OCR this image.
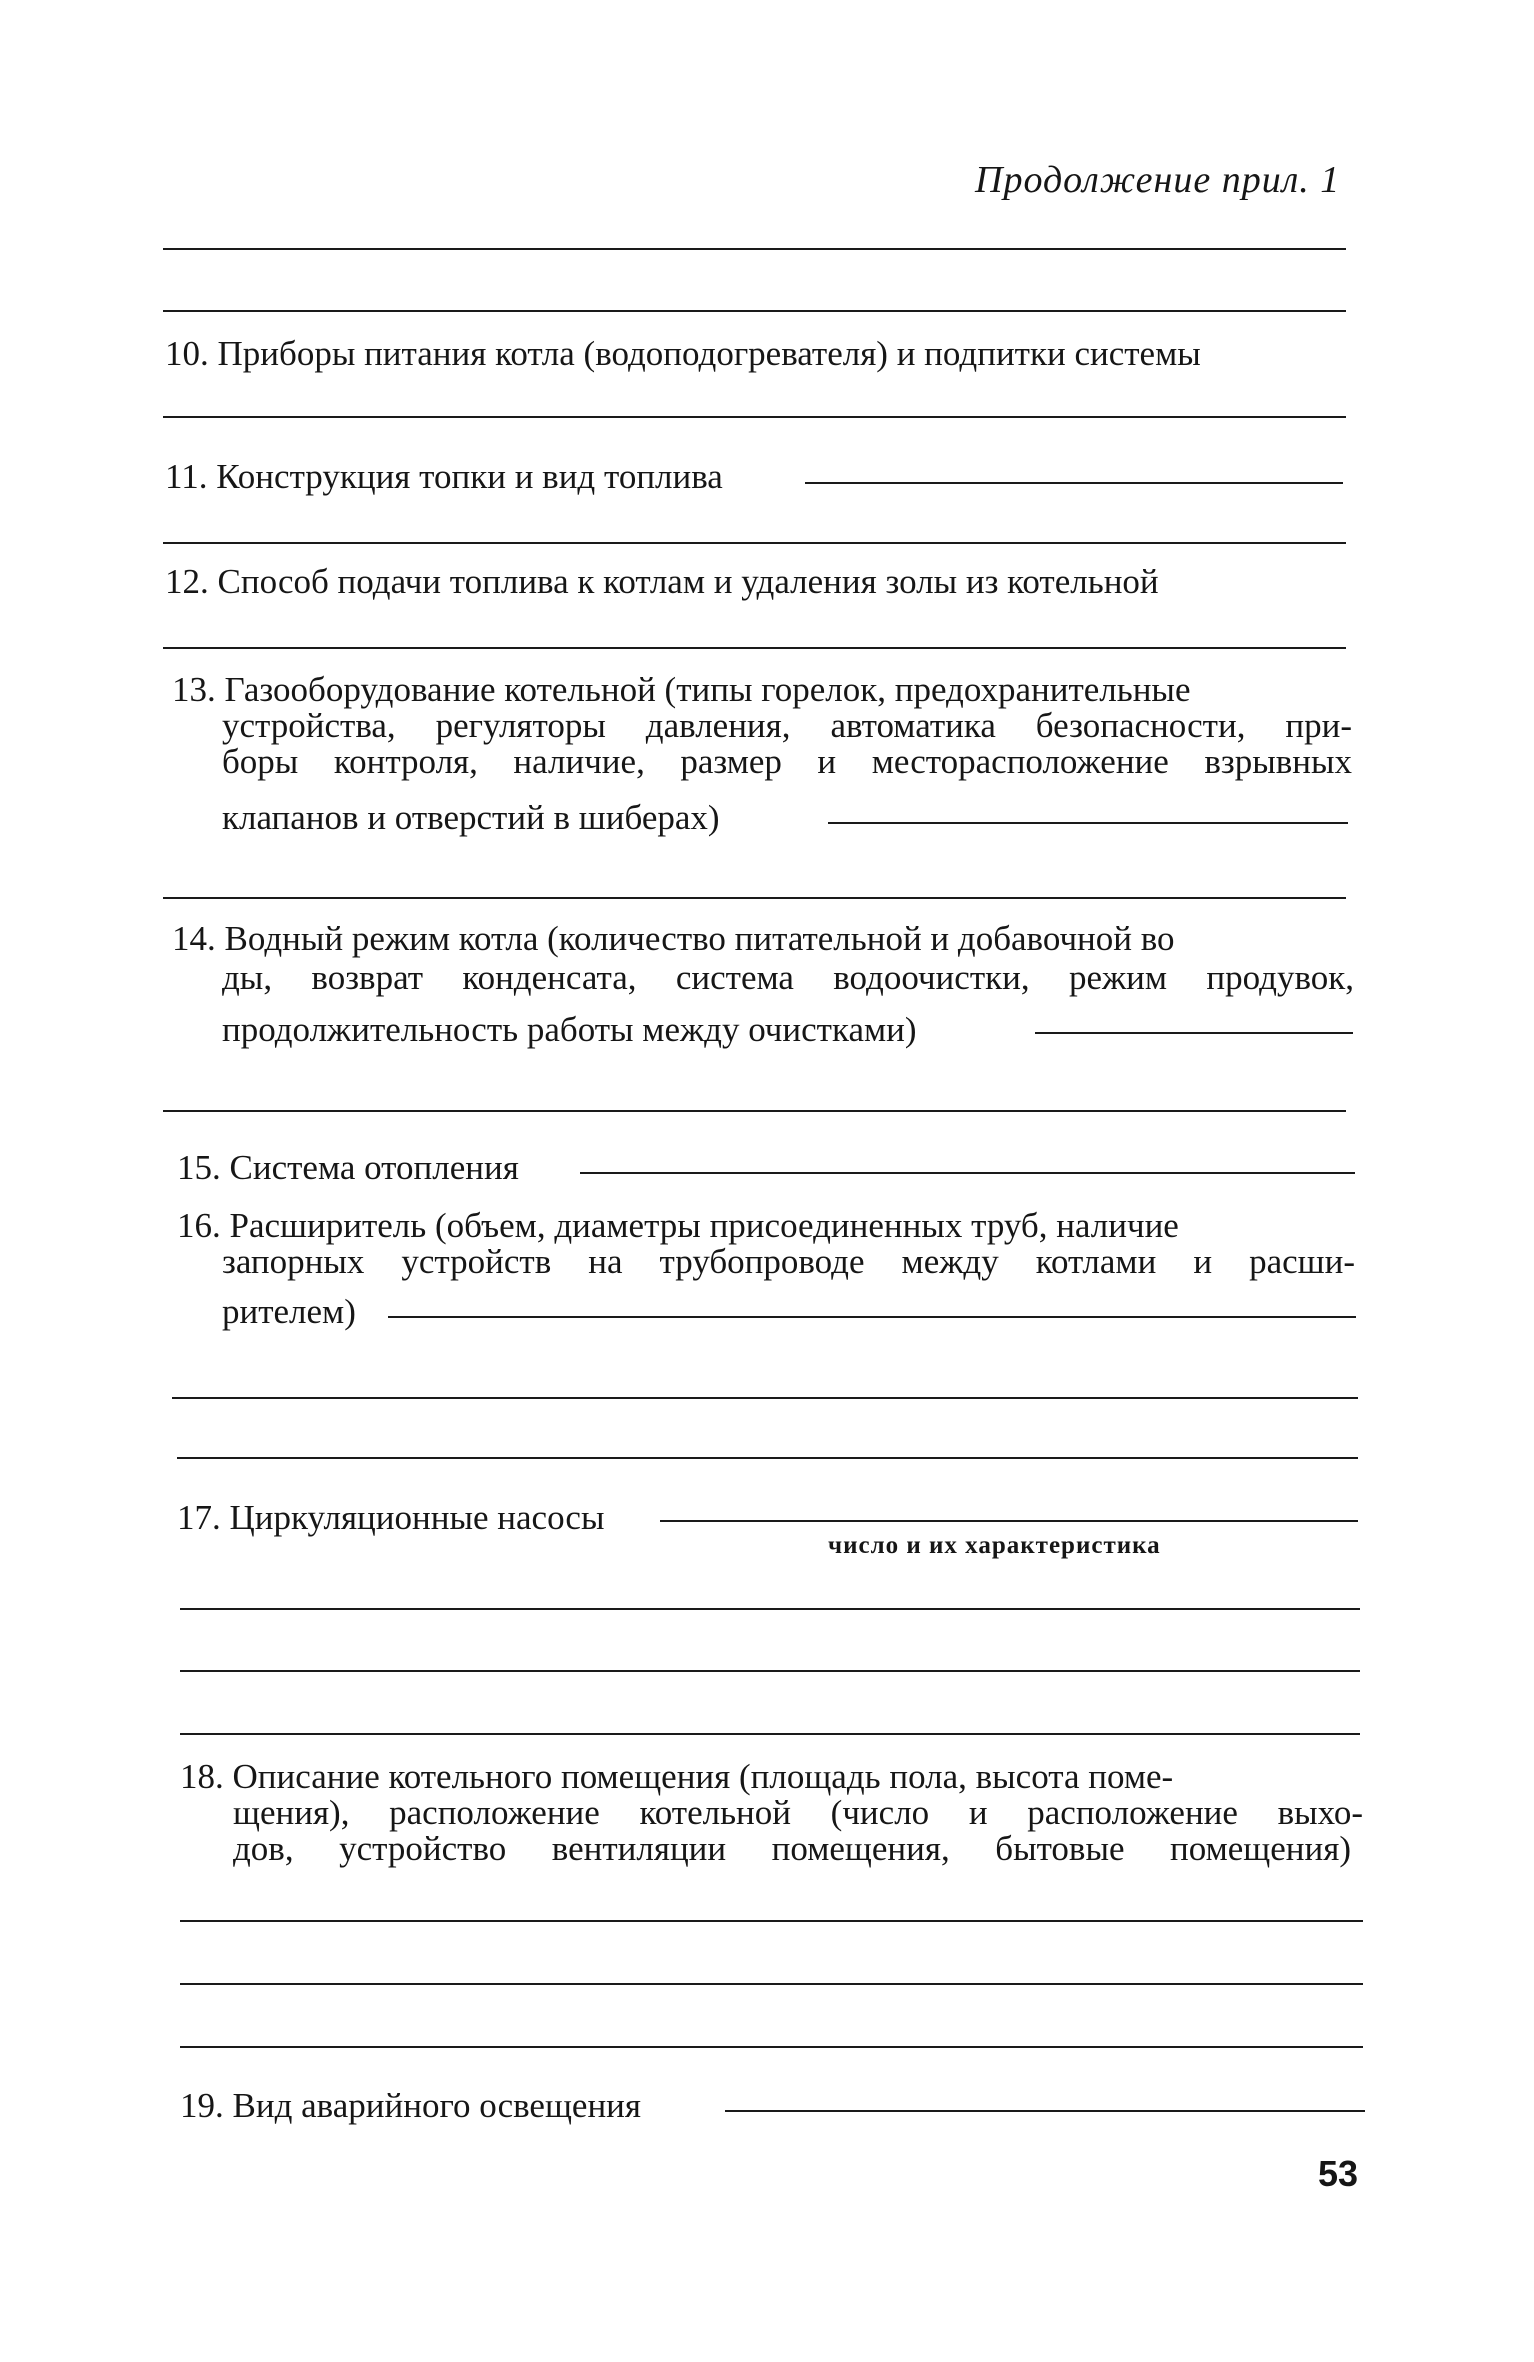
Продолжение прил. 1
10. Приборы питания котла (водоподогревателя) и подпитки системы
11. Конструкция топки и вид топлива
12. Способ подачи топлива к котлам и удаления золы из котельной
13. Газооборудование котельной (типы горелок, предохранительные
устройства, регуляторы давления, автоматика безопасности, при-
боры контроля, наличие, размер и месторасположение взрывных
клапанов и отверстий в шиберах)
14. Водный режим котла (количество питательной и добавочной во
ды, возврат конденсата, система водоочистки, режим продувок,
продолжительность работы между очистками)
15. Система отопления
16. Расширитель (объем, диаметры присоединенных труб, наличие
запорных устройств на трубопроводе между котлами и расши-
рителем)
17. Циркуляционные насосы
число и их характеристика
18. Описание котельного помещения (площадь пола, высота поме-
щения), расположение котельной (число и расположение выхо-
дов, устройство вентиляции помещения, бытовые помещения)
19. Вид аварийного освещения
53
